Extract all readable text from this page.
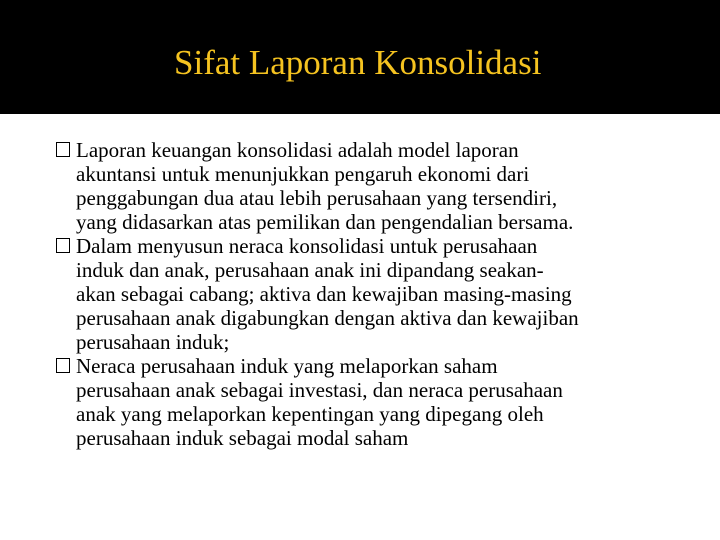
Sifat Laporan Konsolidasi
Laporan keuangan konsolidasi adalah model laporan
akuntansi untuk menunjukkan pengaruh ekonomi dari
penggabungan dua atau lebih perusahaan yang tersendiri,
yang didasarkan atas pemilikan dan pengendalian bersama.
Dalam menyusun neraca konsolidasi untuk perusahaan
induk dan anak, perusahaan anak ini dipandang seakan-
akan sebagai cabang; aktiva dan kewajiban masing-masing
perusahaan anak digabungkan dengan aktiva dan kewajiban
perusahaan induk;
Neraca perusahaan induk yang melaporkan saham
perusahaan anak sebagai investasi, dan neraca perusahaan
anak yang melaporkan kepentingan yang dipegang oleh
perusahaan induk sebagai modal saham
